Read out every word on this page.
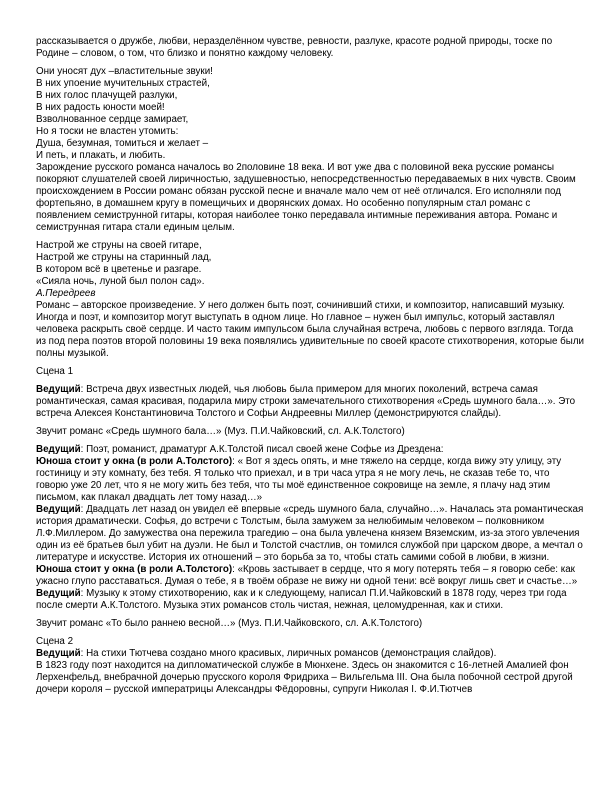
рассказывается о дружбе, любви, неразделённом чувстве, ревности, разлуке, красоте родной природы, тоске по Родине – словом, о том, что близко и понятно каждому человеку.

Они уносят дух –властительные звуки!
В них упоение мучительных страстей,
В них голос плачущей разлуки,
В них радость юности моей!
Взволнованное сердце замирает,
Но я тоски не властен утомить:
Душа, безумная, томиться и желает –
И петь, и плакать, и любить.

Зарождение русского романса началось во 2половине 18 века. И вот уже два с половиной века русские романсы покоряют слушателей своей лиричностью, задушевностью, непосредственностью передаваемых в них чувств. Своим происхождением в России романс обязан русской песне и вначале мало чем от неё отличался. Его исполняли под фортепьяно, в домашнем кругу в помещичьих и дворянских домах. Но особенно популярным стал романс с появлением семиструнной гитары, которая наиболее тонко передавала интимные переживания автора. Романс и семиструнная гитара стали единым целым.

Настрой же струны на своей гитаре,
Настрой же струны на старинный лад,
В котором всё в цветенье и разгаре.
«Сияла ночь, луной был полон сад».
А.Передреев

Романс – авторское произведение. У него должен быть поэт, сочинивший стихи, и композитор, написавший музыку. Иногда и поэт, и композитор могут выступать в одном лице. Но главное – нужен был импульс, который заставлял человека раскрыть своё сердце. И часто таким импульсом была случайная встреча, любовь с первого взгляда. Тогда из под пера поэтов второй половины 19 века появлялись удивительные по своей красоте стихотворения, которые были полны музыкой.

Сцена 1

Ведущий: Встреча двух известных людей, чья любовь была примером для многих поколений, встреча самая романтическая, самая красивая, подарила миру строки замечательного стихотворения «Средь шумного бала…». Это встреча Алексея Константиновича Толстого и Софьи Андреевны Миллер (демонстрируются слайды).

Звучит романс «Средь шумного бала…» (Муз. П.И.Чайковский, сл. А.К.Толстого)

Ведущий: Поэт, романист, драматург А.К.Толстой писал своей жене Софье из Дрездена:

Юноша стоит у окна (в роли А.Толстого): « Вот я здесь опять, и мне тяжело на сердце, когда вижу эту улицу, эту гостиницу и эту комнату, без тебя. Я только что приехал, и в три часа утра я не могу лечь, не сказав тебе то, что говорю уже 20 лет, что я не могу жить без тебя, что ты моё единственное сокровище на земле, я плачу над этим письмом, как плакал двадцать лет тому назад…»

Ведущий: Двадцать лет назад он увидел её впервые «средь шумного бала, случайно…». Началась эта романтическая история драматически. Софья, до встречи с Толстым, была замужем за нелюбимым человеком – полковником Л.Ф.Миллером. До замужества она пережила трагедию – она была увлечена князем Вяземским, из-за этого увлечения один из её братьев был убит на дуэли. Не был и Толстой счастлив, он томился службой при царском дворе, а мечтал о литературе и искусстве. История их отношений – это борьба за то, чтобы стать самими собой в любви, в жизни.

Юноша стоит у окна (в роли А.Толстого): «Кровь застывает в сердце, что я могу потерять тебя – я говорю себе: как ужасно глупо расставаться. Думая о тебе, я в твоём образе не вижу ни одной тени: всё вокруг лишь свет и счастье…»

Ведущий: Музыку к этому стихотворению, как и к следующему, написал П.И.Чайковский в 1878 году, через три года после смерти А.К.Толстого. Музыка этих романсов столь чистая, нежная, целомудренная, как и стихи.

Звучит романс «То было раннею весной…» (Муз. П.И.Чайковского, сл. А.К.Толстого)

Сцена 2

Ведущий: На стихи Тютчева создано много красивых, лиричных романсов (демонстрация слайдов).

В 1823 году поэт находится на дипломатической службе в Мюнхене. Здесь он знакомится с 16-летней Амалией фон Лерхенфельд, внебрачной дочерью прусского короля Фридриха – Вильгельма III. Она была побочной сестрой другой дочери короля – русской императрицы Александры Фёдоровны, супруги Николая I. Ф.И.Тютчев
